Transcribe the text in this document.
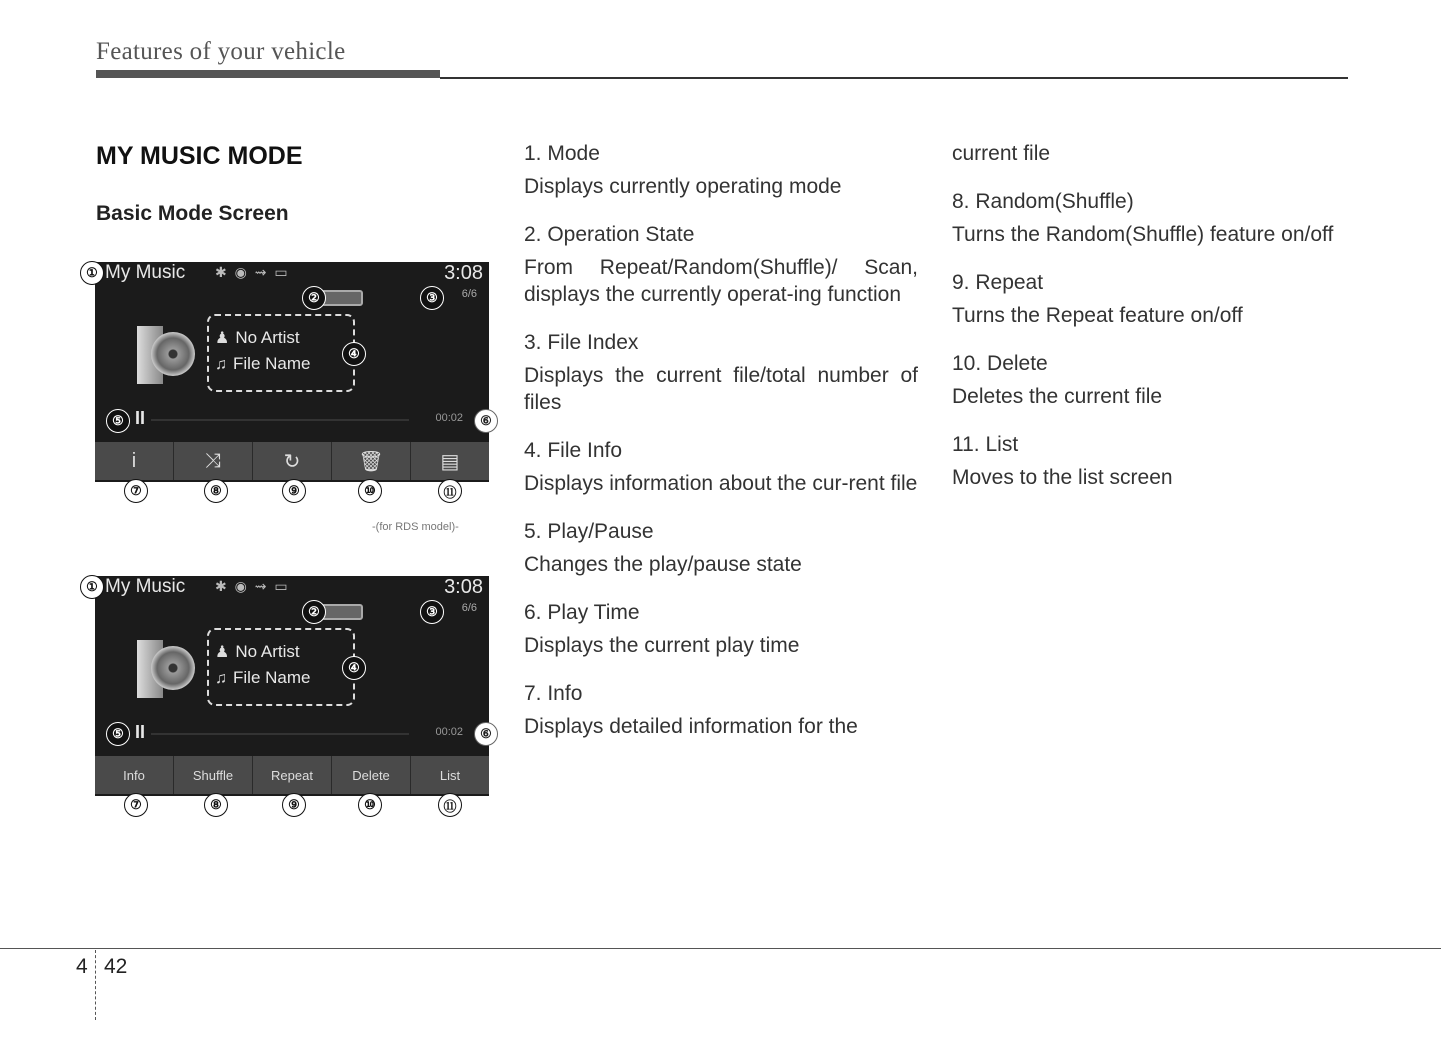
Features of your vehicle
MY MUSIC MODE
Basic Mode Screen
My Music ✱ ◉ ⇝ ▭	3:08
6/6
♟ No Artist
♫ File Name
II	00:02
i	⤨	↻	🗑	▤
①
②	③
④
⑤	⑥
⑦	⑧	⑨	⑩	⑪
-(for RDS model)-
My Music ✱ ◉ ⇝ ▭	3:08
6/6
♟ No Artist
♫ File Name
II	00:02
Info	Shuffle	Repeat	Delete	List
①
②	③
④
⑤	⑥
⑦	⑧	⑨	⑩	⑪
1. Mode
Displays currently operating mode
2. Operation State
From Repeat/Random(Shuffle)/ Scan, displays the currently operat-ing function
3. File Index
Displays the current file/total number of files
4. File Info
Displays information about the cur-rent file
5. Play/Pause
Changes the play/pause state
6. Play Time
Displays the current play time
7. Info
Displays detailed information for the
current file
8. Random(Shuffle)
Turns the Random(Shuffle) feature on/off
9. Repeat
Turns the Repeat feature on/off
10. Delete
Deletes the current file
11. List
Moves to the list screen
4 42
